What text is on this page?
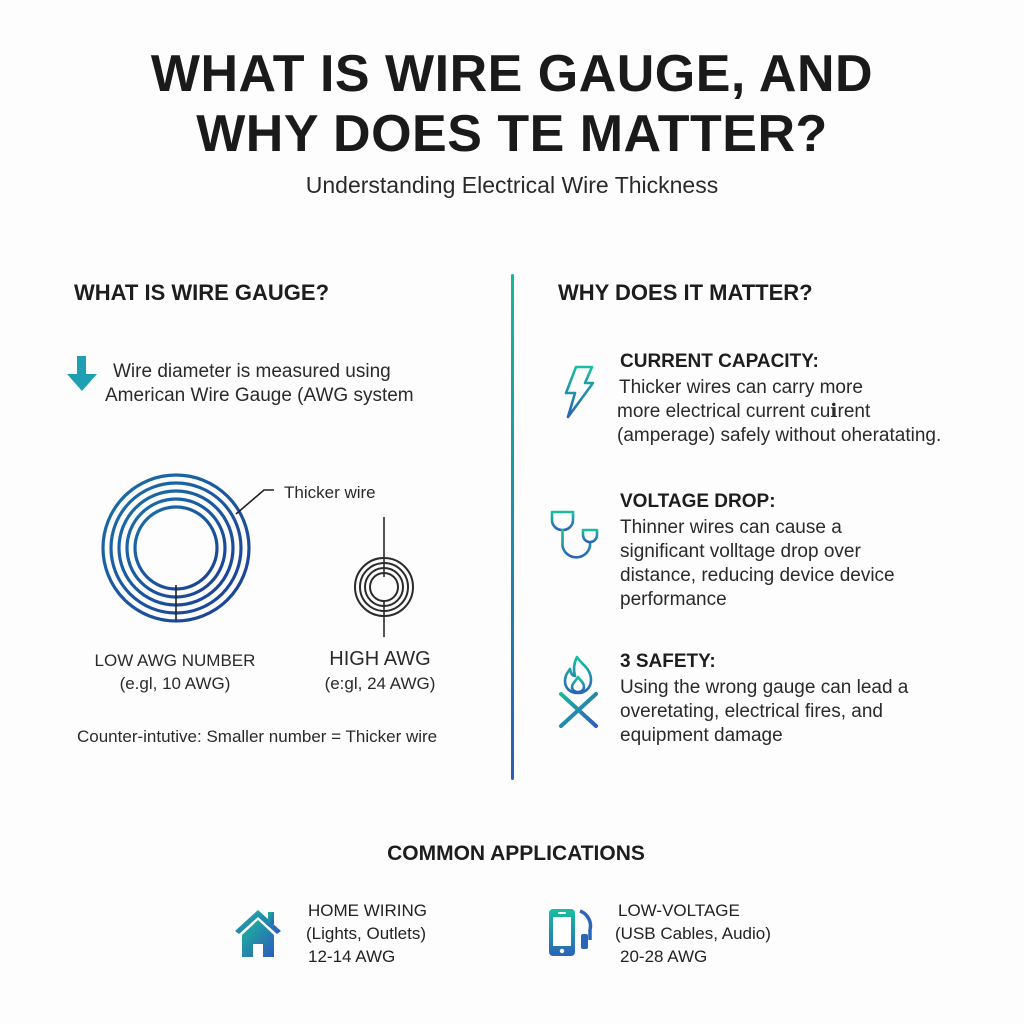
WHAT IS WIRE GAUGE, AND
WHY DOES TE MATTER?
Understanding Electrical Wire Thickness
WHAT IS WIRE GAUGE?
Wire diameter is measured using
American Wire Gauge (AWG system
Thicker wire
LOW AWG NUMBER
(e.gl, 10 AWG)
HIGH AWG
(e:gl, 24 AWG)
Counter-intutive: Smaller number = Thicker wire
WHY DOES IT MATTER?
CURRENT CAPACITY:
Thicker wires can carry more
more electrical current cuℹrent
(amperage) safely without oheratating.
VOLTAGE DROP:
Thinner wires can cause a
significant volltage drop over
distance, reducing device device
performance
3 SAFETY:
Using the wrong gauge can lead a
overetating, electrical fires, and
equipment damage
COMMON APPLICATIONS
HOME WIRING
(Lights, Outlets)
12-14 AWG
LOW-VOLTAGE
(USB Cables, Audio)
20-28 AWG
